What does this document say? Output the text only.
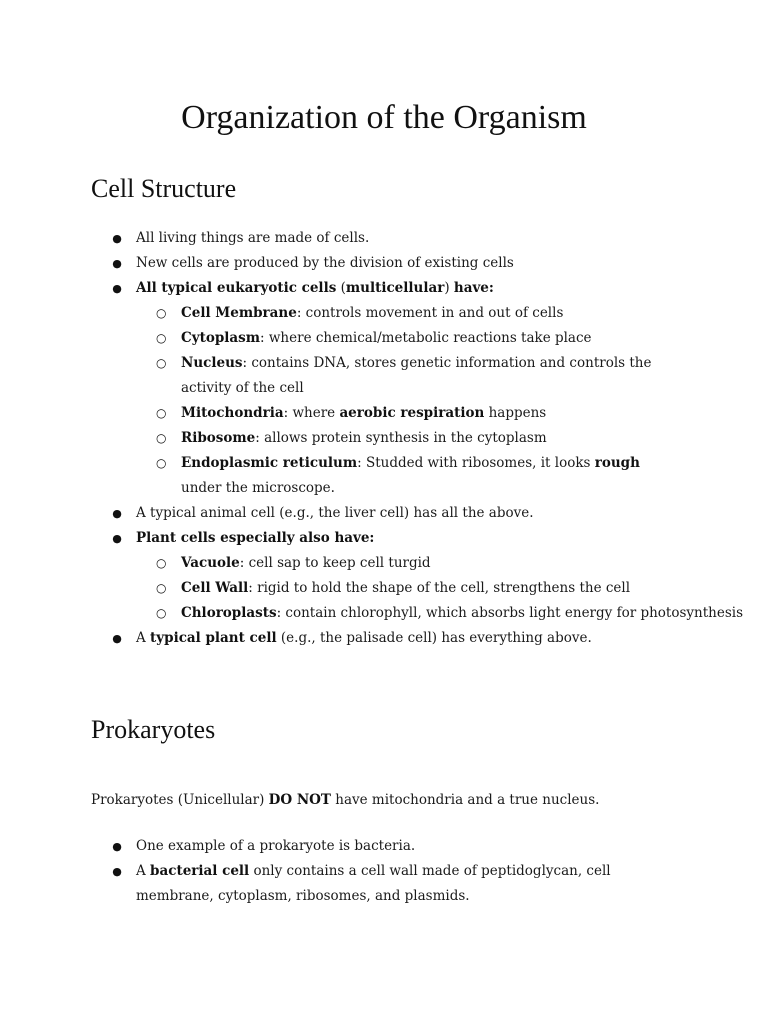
Organization of the Organism
Cell Structure
● All living things are made of cells.
● New cells are produced by the division of existing cells
● All typical eukaryotic cells (multicellular) have:
○ Cell Membrane: controls movement in and out of cells
○ Cytoplasm: where chemical/metabolic reactions take place
○ Nucleus: contains DNA, stores genetic information and controls the activity of the cell
○ Mitochondria: where aerobic respiration happens
○ Ribosome: allows protein synthesis in the cytoplasm
○ Endoplasmic reticulum: Studded with ribosomes, it looks rough under the microscope.
● A typical animal cell (e.g., the liver cell) has all the above.
● Plant cells especially also have:
○ Vacuole: cell sap to keep cell turgid
○ Cell Wall: rigid to hold the shape of the cell, strengthens the cell
○ Chloroplasts: contain chlorophyll, which absorbs light energy for photosynthesis
● A typical plant cell (e.g., the palisade cell) has everything above.
Prokaryotes

Prokaryotes (Unicellular) DO NOT have mitochondria and a true nucleus.

● One example of a prokaryote is bacteria.
● A bacterial cell only contains a cell wall made of peptidoglycan, cell membrane, cytoplasm, ribosomes, and plasmids.
